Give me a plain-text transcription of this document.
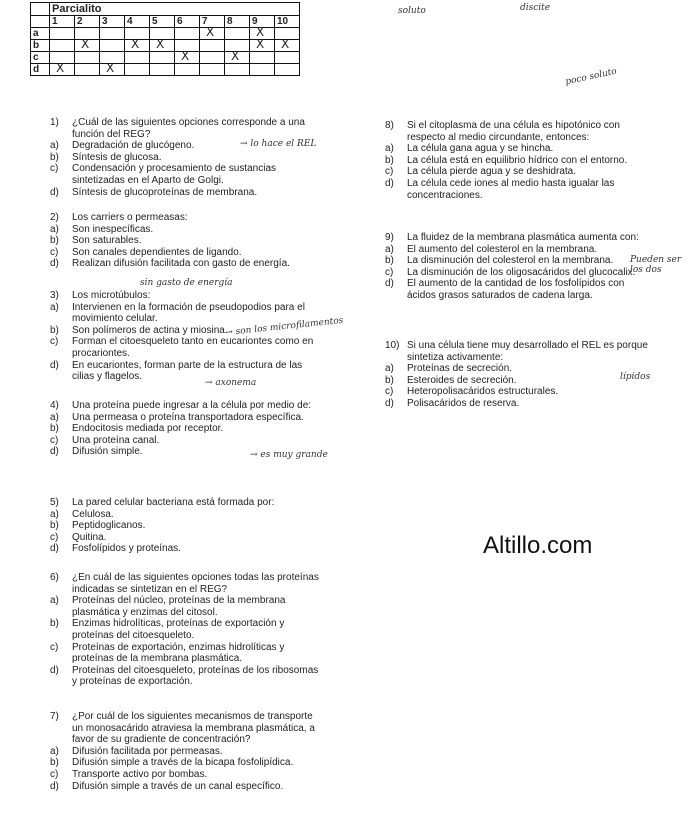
	Parcialito									
	1	2	3	4	5	6	7	8	9	10
a							X		X	

b		X		X	X				X	X

c						X		X		

d	X		X							

1)	¿Cuál de las siguientes opciones corresponde a una función del REG?
a)	Degradación de glucógeno.
b)	Síntesis de glucosa.
c)	Condensación y procesamiento de sustancias sintetizadas en el Aparto de Golgi.
d)	Síntesis de glucoproteínas de membrana.
2)	Los carriers o permeasas:
a)	Son inespecíficas.
b)	Son saturables.
c)	Son canales dependientes de ligando.
d)	Realizan difusión facilitada con gasto de energía.
3)	Los microtúbulos:
a)	Intervienen en la formación de pseudopodios para el movimiento celular.
b)	Son polímeros de actina y miosina.
c)	Forman el citoesqueleto tanto en eucariontes como en procariontes.
d)	En eucariontes, forman parte de la estructura de las cilias y flagelos.
4)	Una proteína puede ingresar a la célula por medio de:
a)	Una permeasa o proteína transportadora específica.
b)	Endocitosis mediada por receptor.
c)	Una proteína canal.
d)	Difusión simple.
5)	La pared celular bacteriana está formada por:
a)	Celulosa.
b)	Peptidoglicanos.
c)	Quitina.
d)	Fosfolípidos y proteínas.
6)	¿En cuál de las siguientes opciones todas las proteínas indicadas se sintetizan en el REG?
a)	Proteínas del núcleo, proteínas de la membrana plasmática y enzimas del citosol.
b)	Enzimas hidrolíticas, proteínas de exportación y proteínas del citoesqueleto.
c)	Proteínas de exportación, enzimas hidrolíticas y proteínas de la membrana plasmática.
d)	Proteínas del citoesqueleto, proteínas de los ribosomas y proteínas de exportación.
7)	¿Por cuál de los siguientes mecanismos de transporte un monosacárido atraviesa la membrana plasmática, a favor de su gradiente de concentración?
a)	Difusión facilitada por permeasas.
b)	Difusión simple a través de la bicapa fosfolipídica.
c)	Transporte activo por bombas.
d)	Difusión simple a través de un canal específico.
8)	Si el citoplasma de una célula es hipotónico con respecto al medio circundante, entonces:
a)	La célula gana agua y se hincha.
b)	La célula está en equilibrio hídrico con el entorno.
c)	La célula pierde agua y se deshidrata.
d)	La célula cede iones al medio hasta igualar las concentraciones.
9)	La fluidez de la membrana plasmática aumenta con:
a)	El aumento del colesterol en la membrana.
b)	La disminución del colesterol en la membrana.
c)	La disminución de los oligosacáridos del glucocalix.
d)	El aumento de la cantidad de los fosfolípidos con ácidos grasos saturados de cadena larga.
10) Si una célula tiene muy desarrollado el REL es porque sintetiza activamente:
a)	Proteínas de secreción.
b)	Esteroides de secreción.
c)	Heteropolisacáridos estructurales.
d)	Polisacáridos de reserva.
Altillo.com
soluto	discite
poco soluto
→ lo hace el REL
sin gasto de energía
→ son los microfilamentos
→ axonema
→ es muy grande
Pueden ser los dos
lípidos
